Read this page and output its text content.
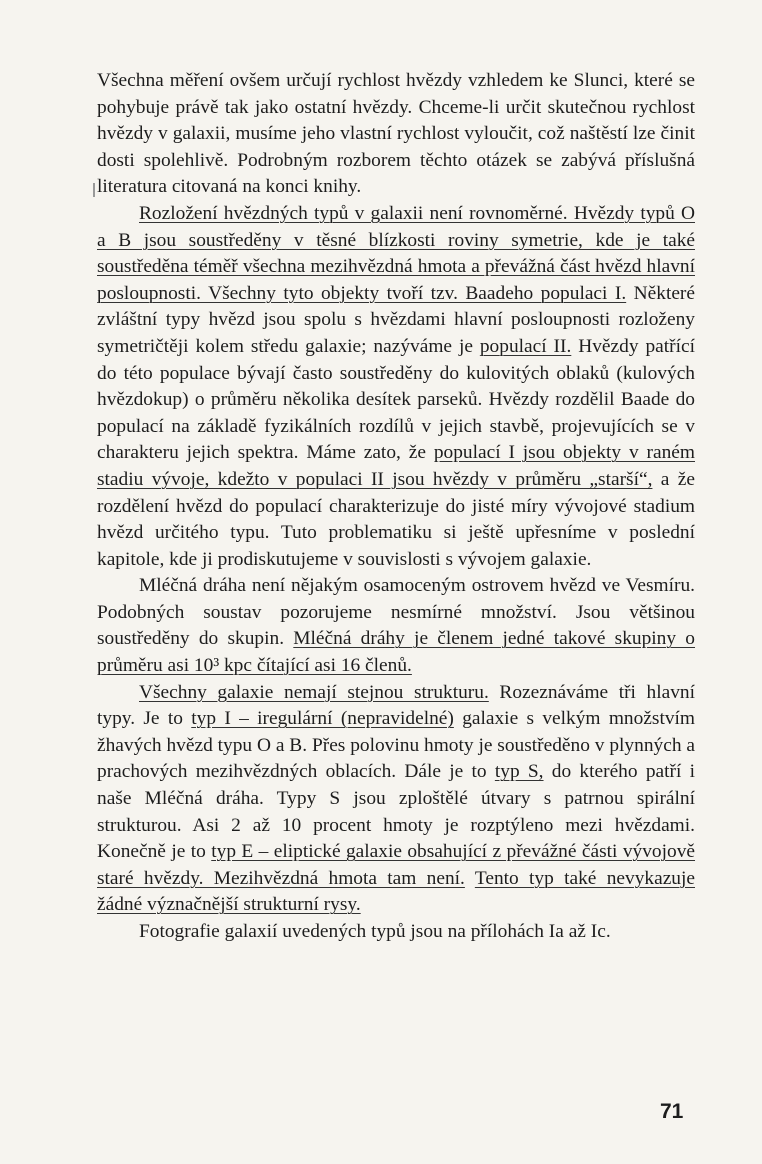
Všechna měření ovšem určují rychlost hvězdy vzhledem ke Slunci, které se pohybuje právě tak jako ostatní hvězdy. Chceme-li určit skutečnou rychlost hvězdy v galaxii, musíme jeho vlastní rychlost vyloučit, což naštěstí lze činit dosti spolehlivě. Podrobným rozborem těchto otázek se zabývá příslušná literatura citovaná na konci knihy.

Rozložení hvězdných typů v galaxii není rovnoměrné. Hvězdy typů O a B jsou soustředěny v těsné blízkosti roviny symetrie, kde je také soustředěna téměř všechna mezihvězdná hmota a převážná část hvězd hlavní posloupnosti. Všechny tyto objekty tvoří tzv. Baadeho populaci I. Některé zvláštní typy hvězd jsou spolu s hvězdami hlavní posloupnosti rozloženy symetričtěji kolem středu galaxie; nazýváme je populací II. Hvězdy patřící do této populace bývají často soustředěny do kulovitých oblaků (kulových hvězdokup) o průměru několika desítek parseků. Hvězdy rozdělil Baade do populací na základě fyzikálních rozdílů v jejich stavbě, projevujících se v charakteru jejich spektra. Máme zato, že populací I jsou objekty v raném stadiu vývoje, kdežto v populaci II jsou hvězdy v průměru „starší“, a že rozdělení hvězd do populací charakterizuje do jisté míry vývojové stadium hvězd určitého typu. Tuto problematiku si ještě upřesníme v poslední kapitole, kde ji prodiskutujeme v souvislosti s vývojem galaxie.

Mléčná dráha není nějakým osamoceným ostrovem hvězd ve Vesmíru. Podobných soustav pozorujeme nesmírné množství. Jsou většinou soustředěny do skupin. Mléčná dráhy je členem jedné takové skupiny o průměru asi 10³ kpc čítající asi 16 členů.

Všechny galaxie nemají stejnou strukturu. Rozeznáváme tři hlavní typy. Je to typ I – iregulární (nepravidelné) galaxie s velkým množstvím žhavých hvězd typu O a B. Přes polovinu hmoty je soustředěno v plynných a prachových mezihvězdných oblacích. Dále je to typ S, do kterého patří i naše Mléčná dráha. Typy S jsou zploštělé útvary s patrnou spirální strukturou. Asi 2 až 10 procent hmoty je rozptýleno mezi hvězdami. Konečně je to typ E – eliptické galaxie obsahující z převážné části vývojově staré hvězdy. Mezihvězdná hmota tam není. Tento typ také nevykazuje žádné význačnější strukturní rysy.

Fotografie galaxií uvedených typů jsou na přílohách Ia až Ic.

71
